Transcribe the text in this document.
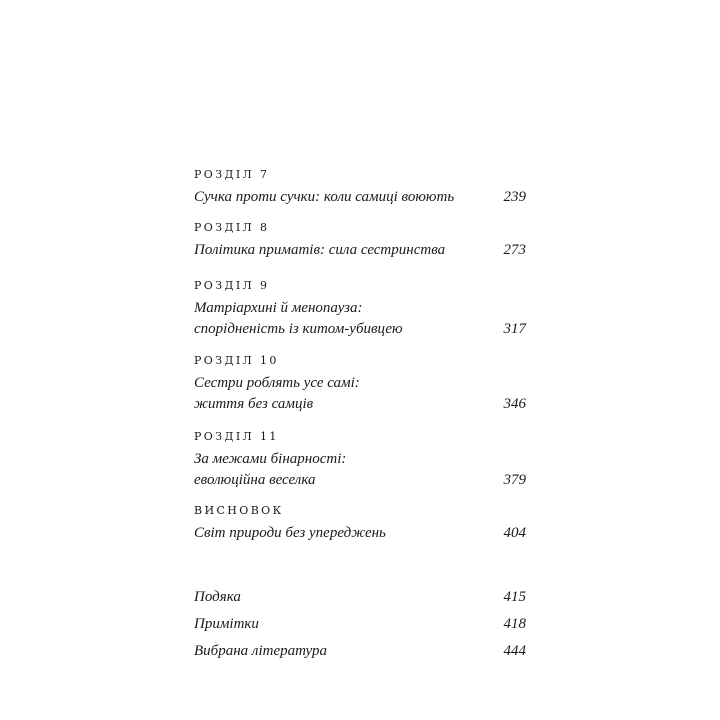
РОЗДІЛ 7
Сучка проти сучки: коли самиці воюють	239
РОЗДІЛ 8
Політика приматів: сила сестринства	273
РОЗДІЛ 9
Матріархині й менопауза:
спорідненість із китом-убивцею	317
РОЗДІЛ 10
Сестри роблять усе самі:
життя без самців	346
РОЗДІЛ 11
За межами бінарності:
еволюційна веселка	379
ВИСНОВОК
Світ природи без упереджень	404
Подяка	415
Примітки	418
Вибрана література	444
